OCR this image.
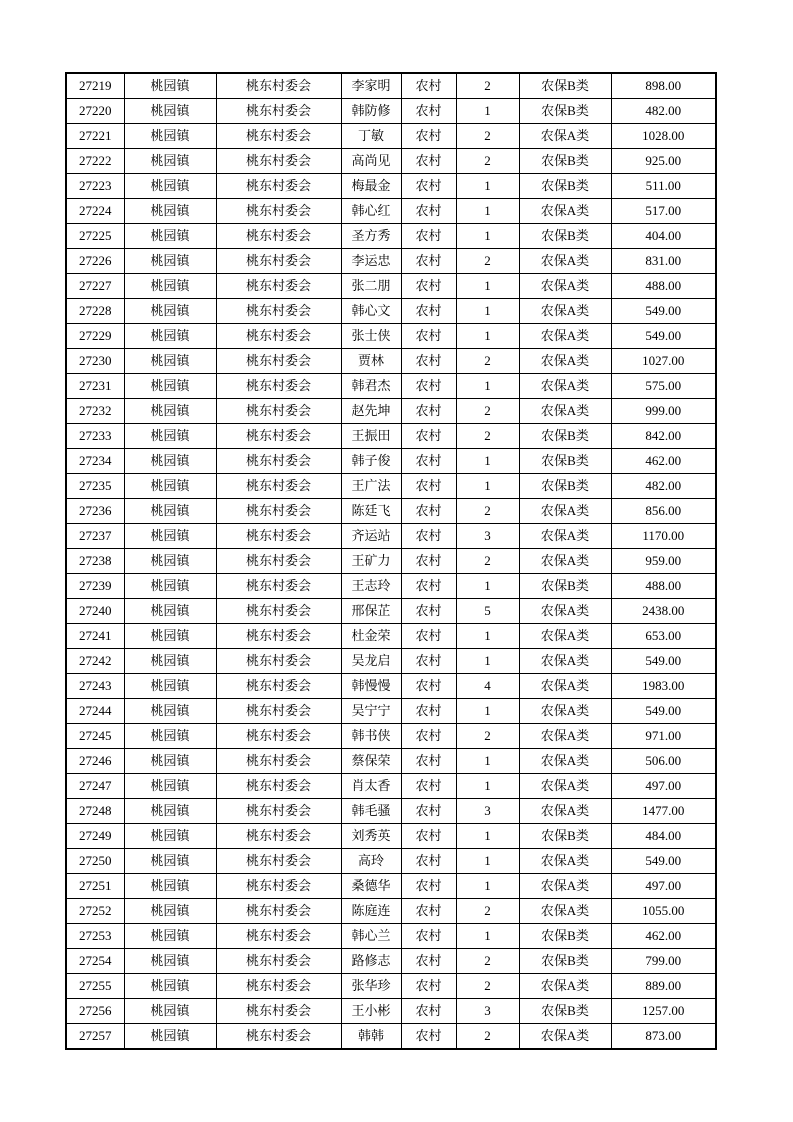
27219	桃园镇	桃东村委会	李家明	农村	2	农保B类	898.00
27220	桃园镇	桃东村委会	韩防修	农村	1	农保B类	482.00
27221	桃园镇	桃东村委会	丁敏	农村	2	农保A类	1028.00
27222	桃园镇	桃东村委会	高尚见	农村	2	农保B类	925.00
27223	桃园镇	桃东村委会	梅最金	农村	1	农保B类	511.00
27224	桃园镇	桃东村委会	韩心红	农村	1	农保A类	517.00
27225	桃园镇	桃东村委会	圣方秀	农村	1	农保B类	404.00
27226	桃园镇	桃东村委会	李运忠	农村	2	农保A类	831.00
27227	桃园镇	桃东村委会	张二朋	农村	1	农保A类	488.00
27228	桃园镇	桃东村委会	韩心文	农村	1	农保A类	549.00
27229	桃园镇	桃东村委会	张士侠	农村	1	农保A类	549.00
27230	桃园镇	桃东村委会	贾林	农村	2	农保A类	1027.00
27231	桃园镇	桃东村委会	韩君杰	农村	1	农保A类	575.00
27232	桃园镇	桃东村委会	赵先坤	农村	2	农保A类	999.00
27233	桃园镇	桃东村委会	王振田	农村	2	农保B类	842.00
27234	桃园镇	桃东村委会	韩子俊	农村	1	农保B类	462.00
27235	桃园镇	桃东村委会	王广法	农村	1	农保B类	482.00
27236	桃园镇	桃东村委会	陈廷飞	农村	2	农保A类	856.00
27237	桃园镇	桃东村委会	齐运站	农村	3	农保A类	1170.00
27238	桃园镇	桃东村委会	王矿力	农村	2	农保A类	959.00
27239	桃园镇	桃东村委会	王志玲	农村	1	农保B类	488.00
27240	桃园镇	桃东村委会	邢保芷	农村	5	农保A类	2438.00
27241	桃园镇	桃东村委会	杜金荣	农村	1	农保A类	653.00
27242	桃园镇	桃东村委会	吴龙启	农村	1	农保A类	549.00
27243	桃园镇	桃东村委会	韩慢慢	农村	4	农保A类	1983.00
27244	桃园镇	桃东村委会	吴宁宁	农村	1	农保A类	549.00
27245	桃园镇	桃东村委会	韩书侠	农村	2	农保A类	971.00
27246	桃园镇	桃东村委会	蔡保荣	农村	1	农保A类	506.00
27247	桃园镇	桃东村委会	肖太香	农村	1	农保A类	497.00
27248	桃园镇	桃东村委会	韩毛骚	农村	3	农保A类	1477.00
27249	桃园镇	桃东村委会	刘秀英	农村	1	农保B类	484.00
27250	桃园镇	桃东村委会	高玲	农村	1	农保A类	549.00
27251	桃园镇	桃东村委会	桑德华	农村	1	农保A类	497.00
27252	桃园镇	桃东村委会	陈庭连	农村	2	农保A类	1055.00
27253	桃园镇	桃东村委会	韩心兰	农村	1	农保B类	462.00
27254	桃园镇	桃东村委会	路修志	农村	2	农保B类	799.00
27255	桃园镇	桃东村委会	张华珍	农村	2	农保A类	889.00
27256	桃园镇	桃东村委会	王小彬	农村	3	农保B类	1257.00
27257	桃园镇	桃东村委会	韩韩	农村	2	农保A类	873.00
